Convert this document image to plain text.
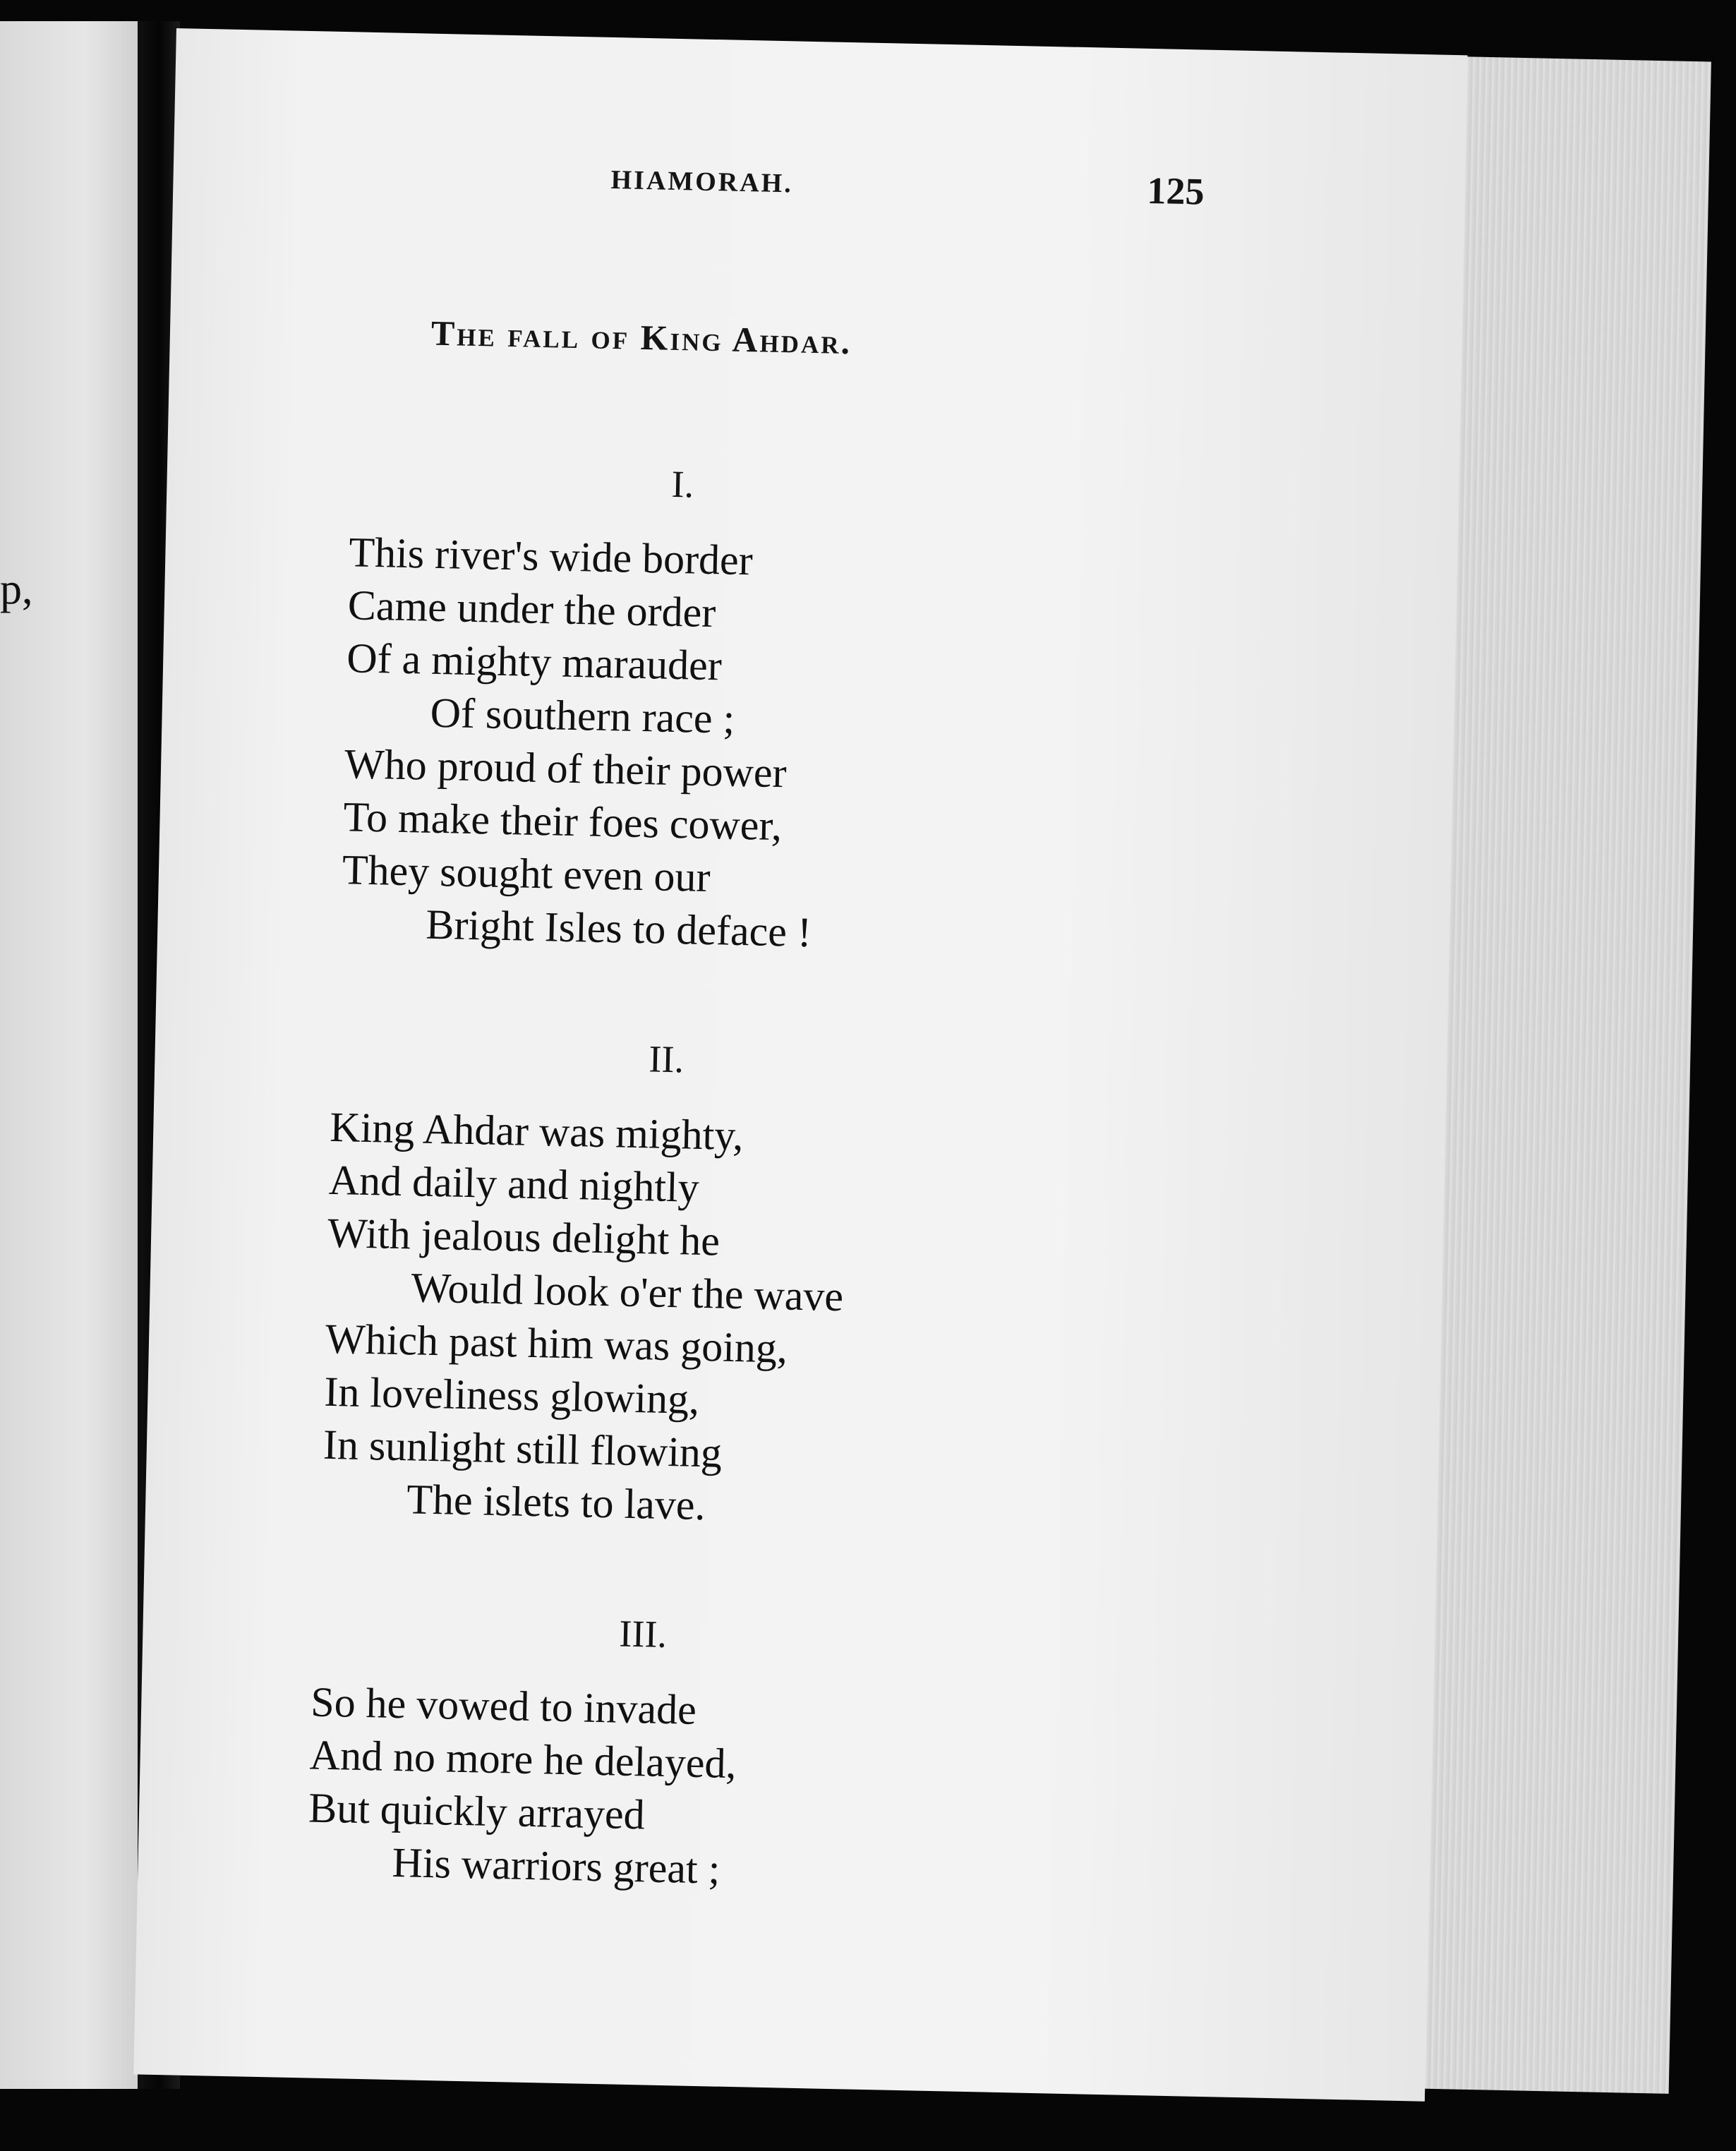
p,
HIAMORAH.	125
The fall of King Ahdar.
I.
This river's wide border
Came under the order
Of a mighty marauder
Of southern race ;
Who proud of their power
To make their foes cower,
They sought even our
Bright Isles to deface !
II.
King Ahdar was mighty,
And daily and nightly
With jealous delight he
Would look o'er the wave
Which past him was going,
In loveliness glowing,
In sunlight still flowing
The islets to lave.
III.
So he vowed to invade
And no more he delayed,
But quickly arrayed
His warriors great ;
